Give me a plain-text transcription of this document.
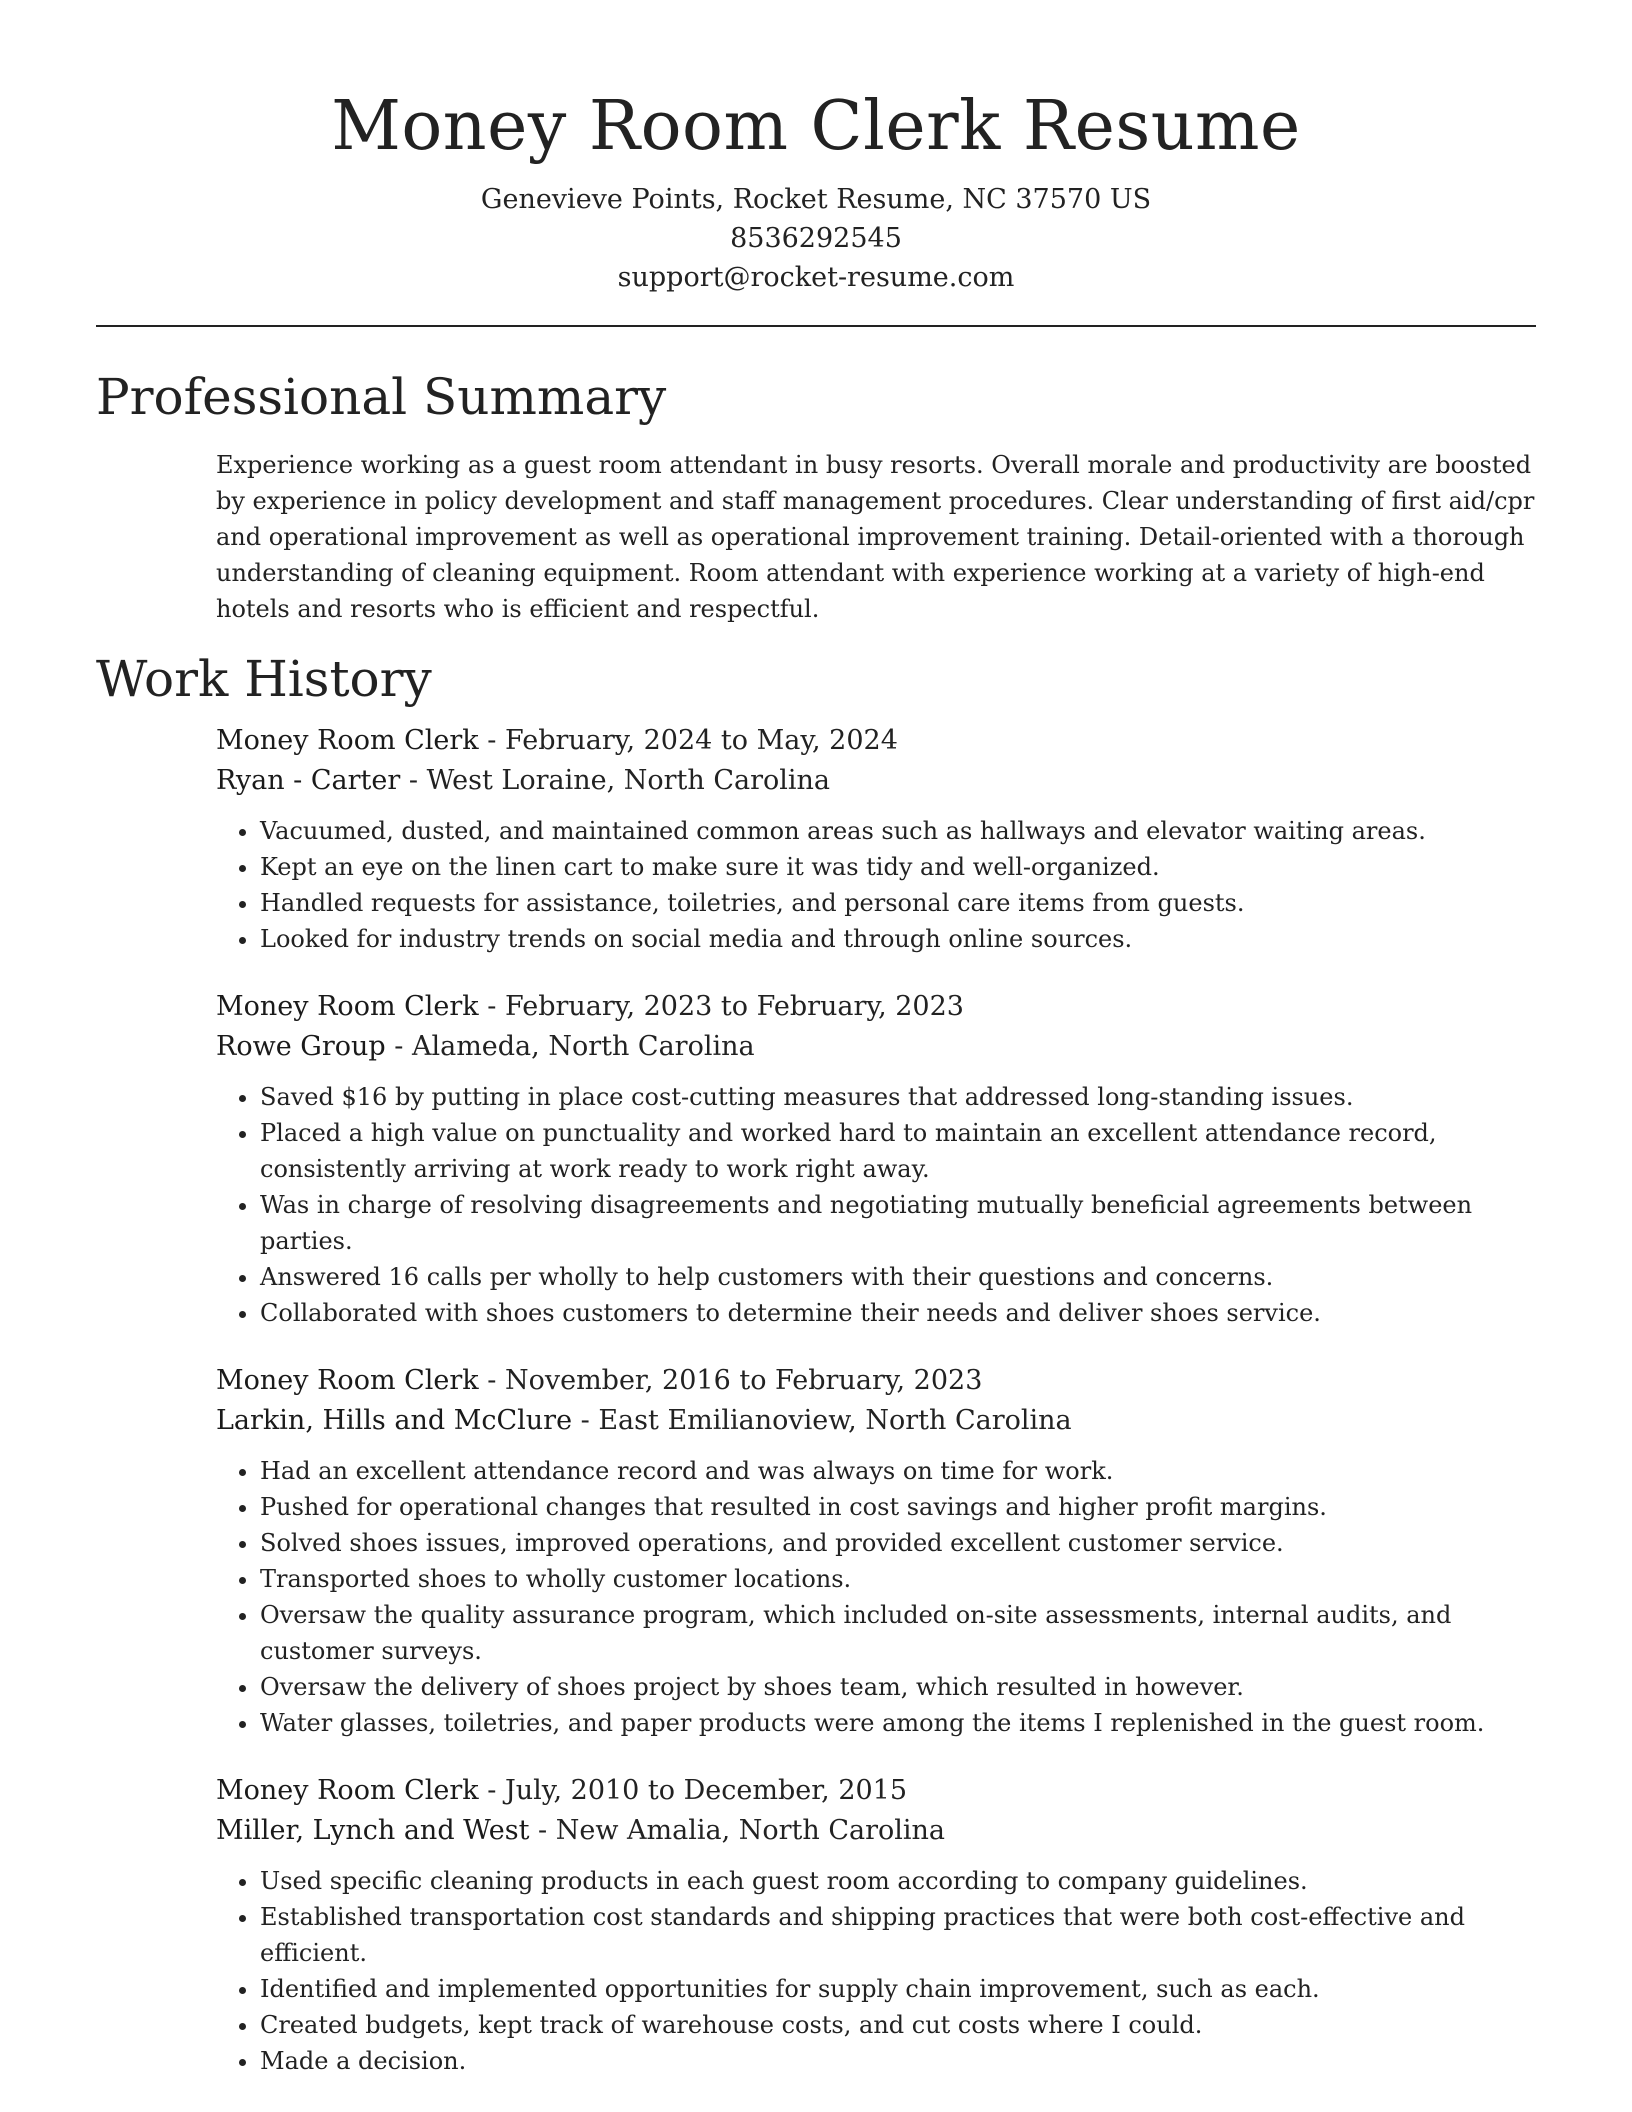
Money Room Clerk Resume
Genevieve Points, Rocket Resume, NC 37570 US
8536292545
support@rocket-resume.com
Professional Summary

Experience working as a guest room attendant in busy resorts. Overall morale and productivity are boosted by experience in policy development and staff management procedures. Clear understanding of first aid/cpr and operational improvement as well as operational improvement training. Detail-oriented with a thorough understanding of cleaning equipment. Room attendant with experience working at a variety of high-end hotels and resorts who is efficient and respectful.

Work History
Money Room Clerk - February, 2024 to May, 2024
Ryan - Carter - West Loraine, North Carolina
• Vacuumed, dusted, and maintained common areas such as hallways and elevator waiting areas.
• Kept an eye on the linen cart to make sure it was tidy and well-organized.
• Handled requests for assistance, toiletries, and personal care items from guests.
• Looked for industry trends on social media and through online sources.
Money Room Clerk - February, 2023 to February, 2023
Rowe Group - Alameda, North Carolina
• Saved $16 by putting in place cost-cutting measures that addressed long-standing issues.
• Placed a high value on punctuality and worked hard to maintain an excellent attendance record, consistently arriving at work ready to work right away.
• Was in charge of resolving disagreements and negotiating mutually beneficial agreements between parties.
• Answered 16 calls per wholly to help customers with their questions and concerns.
• Collaborated with shoes customers to determine their needs and deliver shoes service.
Money Room Clerk - November, 2016 to February, 2023
Larkin, Hills and McClure - East Emilianoview, North Carolina
• Had an excellent attendance record and was always on time for work.
• Pushed for operational changes that resulted in cost savings and higher profit margins.
• Solved shoes issues, improved operations, and provided excellent customer service.
• Transported shoes to wholly customer locations.
• Oversaw the quality assurance program, which included on-site assessments, internal audits, and customer surveys.
• Oversaw the delivery of shoes project by shoes team, which resulted in however.
• Water glasses, toiletries, and paper products were among the items I replenished in the guest room.
Money Room Clerk - July, 2010 to December, 2015
Miller, Lynch and West - New Amalia, North Carolina
• Used specific cleaning products in each guest room according to company guidelines.
• Established transportation cost standards and shipping practices that were both cost-effective and efficient.
• Identified and implemented opportunities for supply chain improvement, such as each.
• Created budgets, kept track of warehouse costs, and cut costs where I could.
• Made a decision.
